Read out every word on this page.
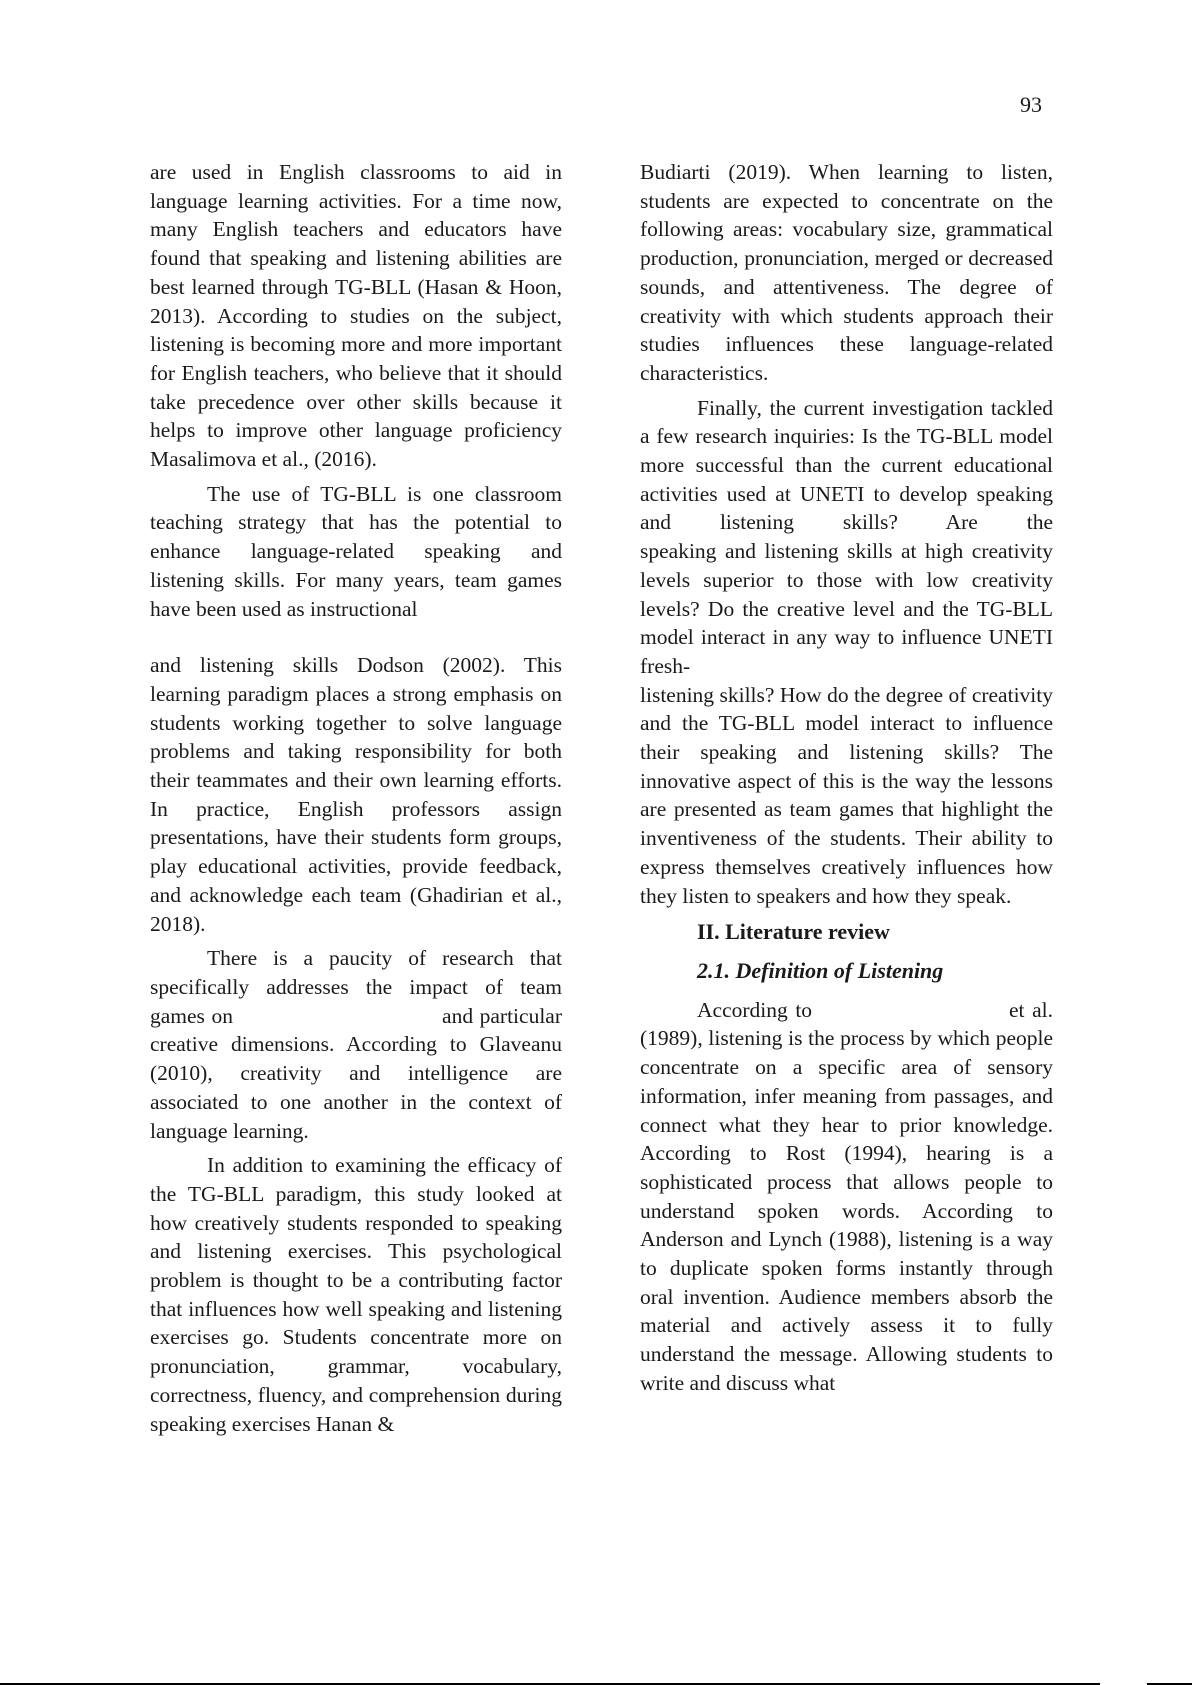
93

are used in English classrooms to aid in language learning activities. For a time now, many English teachers and educators have found that speaking and listening abilities are best learned through TG-BLL (Hasan & Hoon, 2013). According to studies on the subject, listening is becoming more and more important for English teachers, who believe that it should take precedence over other skills because it helps to improve other language proficiency Masalimova et al., (2016).

The use of TG-BLL is one classroom teaching strategy that has the potential to enhance language-related speaking and listening skills. For many years, team games have been used as instructional

and listening skills Dodson (2002). This learning paradigm places a strong emphasis on students working together to solve language problems and taking responsibility for both their teammates and their own learning efforts. In practice, English professors assign presentations, have their students form groups, play educational activities, provide feedback, and acknowledge each team (Ghadirian et al., 2018).

There is a paucity of research that specifically addresses the impact of team games on                                and particular creative dimensions. According to Glaveanu (2010), creativity and intelligence are associated to one another in the context of language learning.

In addition to examining the efficacy of the TG-BLL paradigm, this study looked at how creatively students responded to speaking and listening exercises. This psychological problem is thought to be a contributing factor that influences how well speaking and listening exercises go. Students concentrate more on pronunciation, grammar, vocabulary, correctness, fluency, and comprehension during speaking exercises Hanan &

Budiarti (2019). When learning to listen, students are expected to concentrate on the following areas: vocabulary size, grammatical production, pronunciation, merged or decreased sounds, and attentiveness. The degree of creativity with which students approach their studies influences these language-related characteristics.

Finally, the current investigation tackled a few research inquiries: Is the TG-BLL model more successful than the current educational activities used at UNETI to develop speaking and listening skills? Are the                     speaking and listening skills at high creativity levels superior to those with low creativity levels? Do the creative level and the TG-BLL model interact in any way to influence UNETI fresh-

listening skills? How do the degree of creativity and the TG-BLL model interact to influence their speaking and listening skills? The innovative aspect of this is the way the lessons are presented as team games that highlight the inventiveness of the students. Their ability to express themselves creatively influences how they listen to speakers and how they speak.

II. Literature review
2.1. Definition of Listening

According to                          et al. (1989), listening is the process by which people concentrate on a specific area of sensory information, infer meaning from passages, and connect what they hear to prior knowledge. According to Rost (1994), hearing is a sophisticated process that allows people to understand spoken words. According to Anderson and Lynch (1988), listening is a way to duplicate spoken forms instantly through oral invention. Audience members absorb the material and actively assess it to fully understand the message. Allowing students to write and discuss what
